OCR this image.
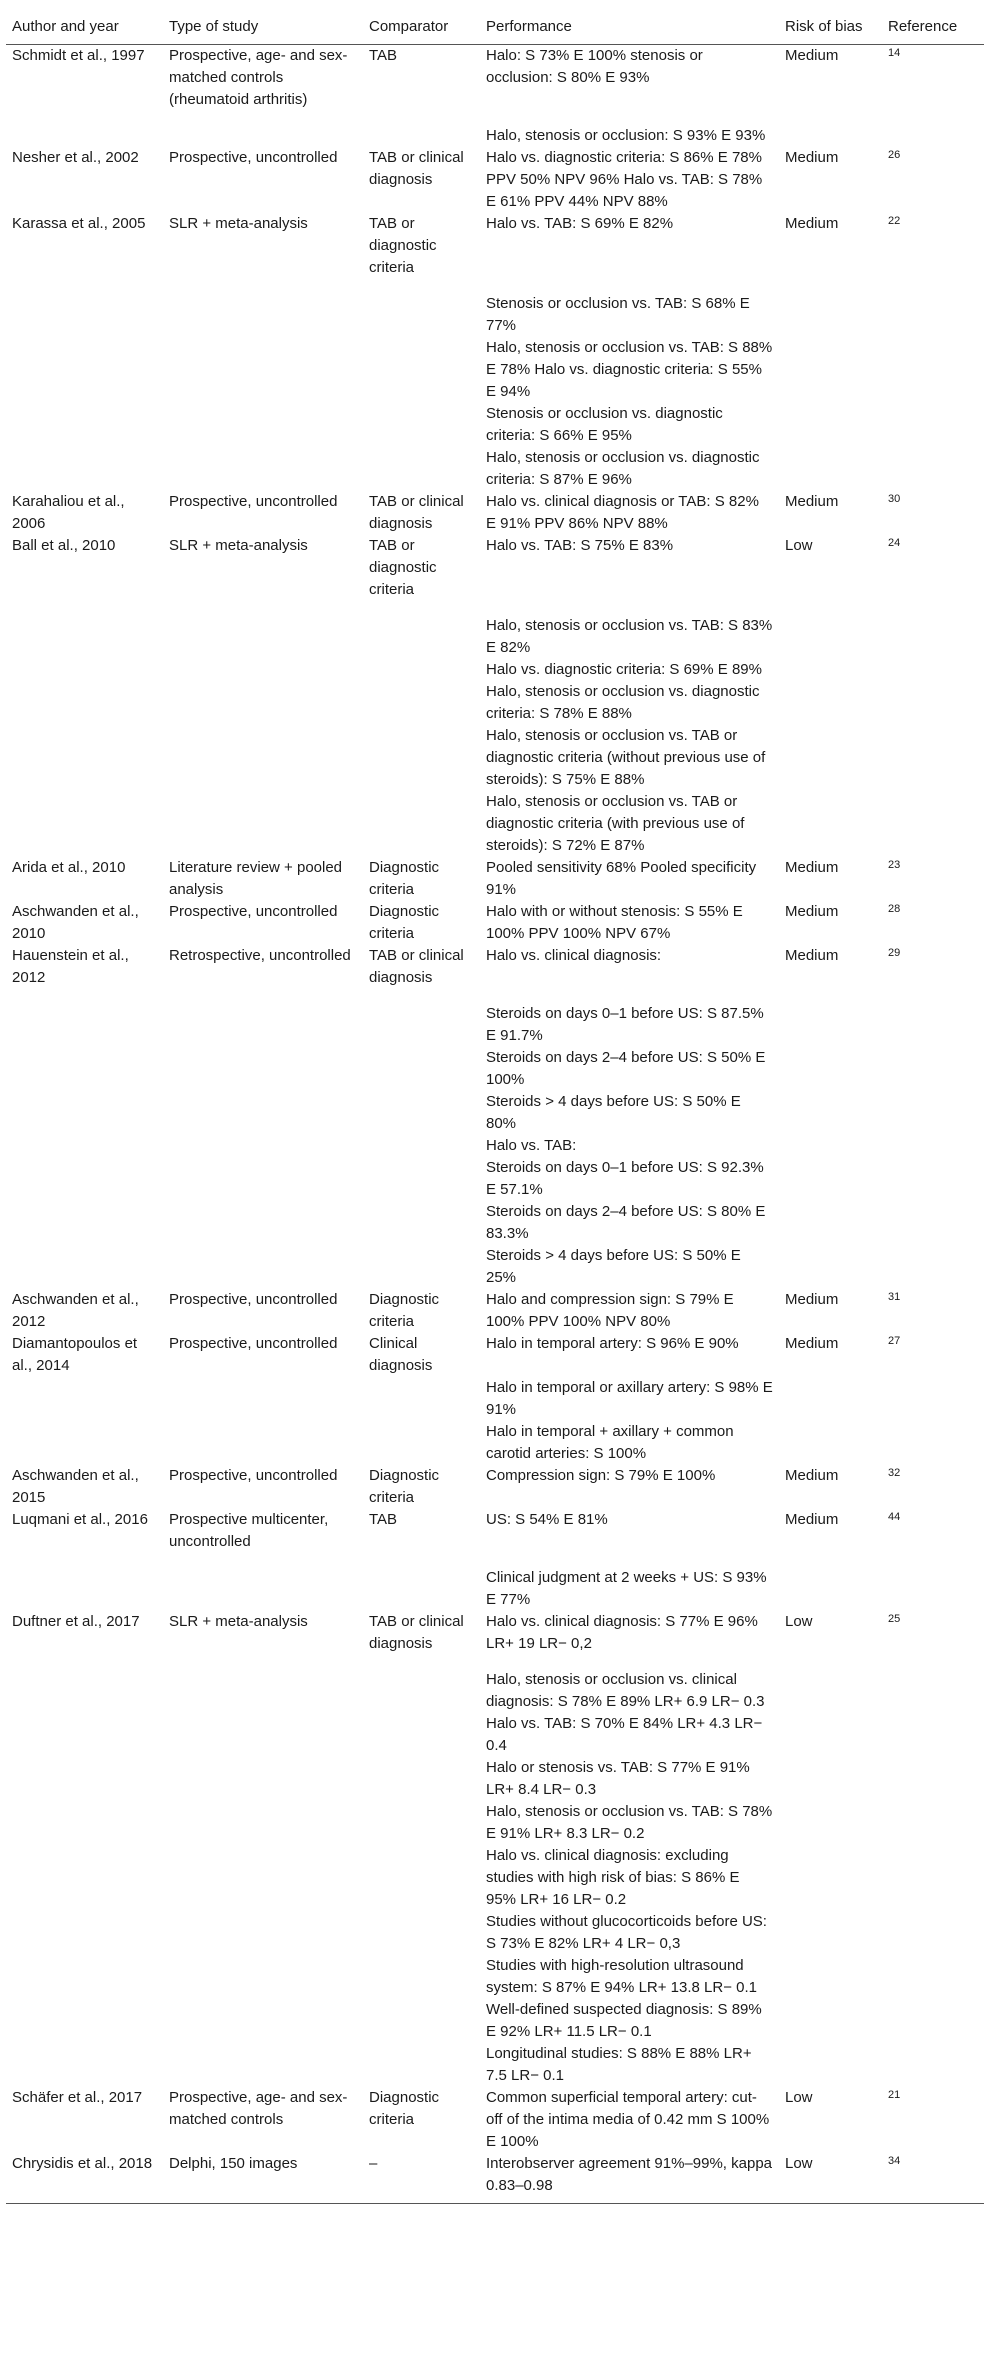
Author and year	Type of study	Comparator	Performance	Risk of bias	Reference
Schmidt et al., 1997	Prospective, age- and sex-matched controls (rheumatoid arthritis)	TAB	Halo: S 73% E 100% stenosis or occlusion: S 80% E 93%	Medium	$^{14}$

			Halo, stenosis or occlusion: S 93% E 93%		
Nesher et al., 2002	Prospective, uncontrolled	TAB or clinical diagnosis	Halo vs. diagnostic criteria: S 86% E 78% PPV 50% NPV 96% Halo vs. TAB: S 78% E 61% PPV 44% NPV 88%	Medium	$^{26}$
Karassa et al., 2005	SLR + meta-analysis	TAB or diagnostic criteria	Halo vs. TAB: S 69% E 82%	Medium	$^{22}$

			Stenosis or occlusion vs. TAB: S 68% E 77%		
			Halo, stenosis or occlusion vs. TAB: S 88% E 78% Halo vs. diagnostic criteria: S 55% E 94%		
			Stenosis or occlusion vs. diagnostic criteria: S 66% E 95%		
			Halo, stenosis or occlusion vs. diagnostic criteria: S 87% E 96%		
Karahaliou et al., 2006	Prospective, uncontrolled	TAB or clinical diagnosis	Halo vs. clinical diagnosis or TAB: S 82% E 91% PPV 86% NPV 88%	Medium	$^{30}$
Ball et al., 2010	SLR + meta-analysis	TAB or diagnostic criteria	Halo vs. TAB: S 75% E 83%	Low	$^{24}$

			Halo, stenosis or occlusion vs. TAB: S 83% E 82%		
			Halo vs. diagnostic criteria: S 69% E 89%		
			Halo, stenosis or occlusion vs. diagnostic criteria: S 78% E 88%		
			Halo, stenosis or occlusion vs. TAB or diagnostic criteria (without previous use of steroids): S 75% E 88%		
			Halo, stenosis or occlusion vs. TAB or diagnostic criteria (with previous use of steroids): S 72% E 87%		
Arida et al., 2010	Literature review + pooled analysis	Diagnostic criteria	Pooled sensitivity 68% Pooled specificity 91%	Medium	$^{23}$
Aschwanden et al., 2010	Prospective, uncontrolled	Diagnostic criteria	Halo with or without stenosis: S 55% E 100% PPV 100% NPV 67%	Medium	$^{28}$
Hauenstein et al., 2012	Retrospective, uncontrolled	TAB or clinical diagnosis	Halo vs. clinical diagnosis:	Medium	$^{29}$

			Steroids on days 0–1 before US: S 87.5% E 91.7%		
			Steroids on days 2–4 before US: S 50% E 100%		
			Steroids > 4 days before US: S 50% E 80%		
			Halo vs. TAB:		
			Steroids on days 0–1 before US: S 92.3% E 57.1%		
			Steroids on days 2–4 before US: S 80% E 83.3%		
			Steroids > 4 days before US: S 50% E 25%		
Aschwanden et al., 2012	Prospective, uncontrolled	Diagnostic criteria	Halo and compression sign: S 79% E 100% PPV 100% NPV 80%	Medium	$^{31}$
Diamantopoulos et al., 2014	Prospective, uncontrolled	Clinical diagnosis	Halo in temporal artery: S 96% E 90%	Medium	$^{27}$
			Halo in temporal or axillary artery: S 98% E 91%		
			Halo in temporal + axillary + common carotid arteries: S 100%		
Aschwanden et al., 2015	Prospective, uncontrolled	Diagnostic criteria	Compression sign: S 79% E 100%	Medium	$^{32}$
Luqmani et al., 2016	Prospective multicenter, uncontrolled	TAB	US: S 54% E 81%	Medium	$^{44}$

			Clinical judgment at 2 weeks + US: S 93% E 77%		
Duftner et al., 2017	SLR + meta-analysis	TAB or clinical diagnosis	Halo vs. clinical diagnosis: S 77% E 96% LR+ 19 LR− 0,2	Low	$^{25}$

			Halo, stenosis or occlusion vs. clinical diagnosis: S 78% E 89% LR+ 6.9 LR− 0.3		
			Halo vs. TAB: S 70% E 84% LR+ 4.3 LR− 0.4		
			Halo or stenosis vs. TAB: S 77% E 91% LR+ 8.4 LR− 0.3		
			Halo, stenosis or occlusion vs. TAB: S 78% E 91% LR+ 8.3 LR− 0.2		
			Halo vs. clinical diagnosis: excluding studies with high risk of bias: S 86% E 95% LR+ 16 LR− 0.2		
			Studies without glucocorticoids before US: S 73% E 82% LR+ 4 LR− 0,3		
			Studies with high-resolution ultrasound system: S 87% E 94% LR+ 13.8 LR− 0.1		
			Well-defined suspected diagnosis: S 89% E 92% LR+ 11.5 LR− 0.1		
			Longitudinal studies: S 88% E 88% LR+ 7.5 LR− 0.1		
Schäfer et al., 2017	Prospective, age- and sex-matched controls	Diagnostic criteria	Common superficial temporal artery: cut-off of the intima media of 0.42 mm S 100% E 100%	Low	$^{21}$
Chrysidis et al., 2018	Delphi, 150 images	–	Interobserver agreement 91%–99%, kappa 0.83–0.98	Low	$^{34}$
